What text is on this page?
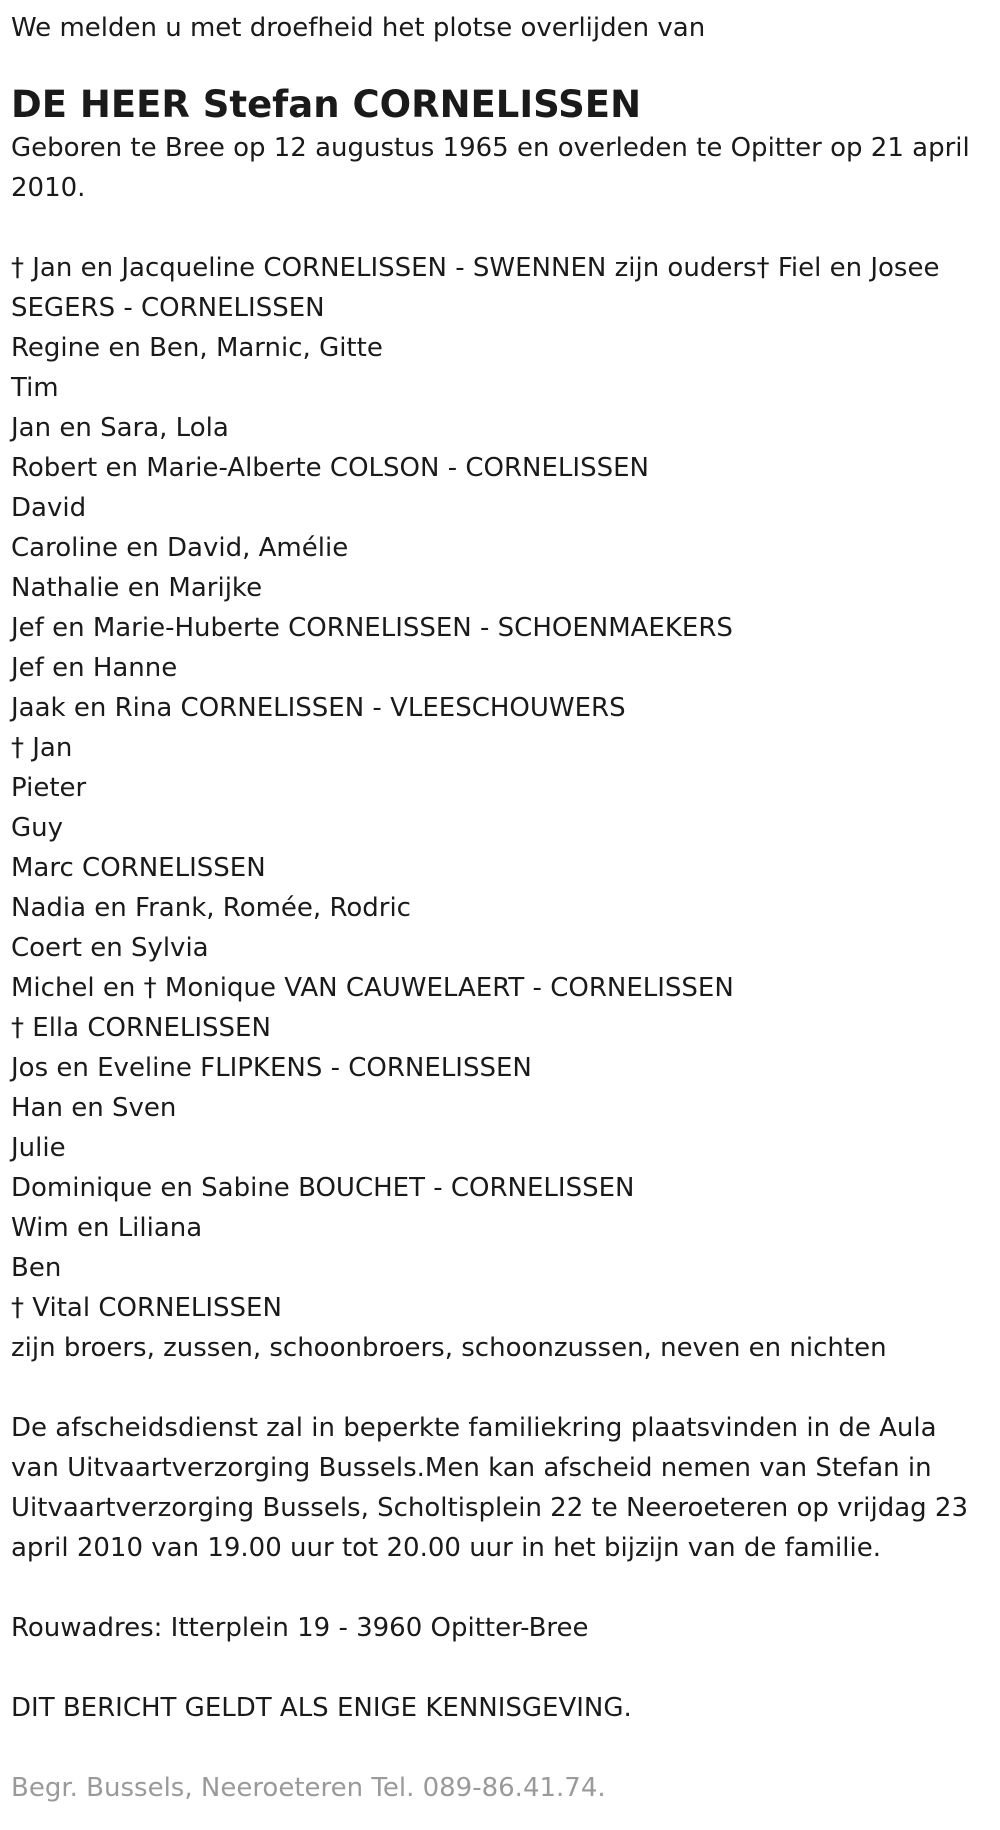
We melden u met droefheid het plotse overlijden van

DE HEER Stefan CORNELISSEN

Geboren te Bree op 12 augustus 1965 en overleden te Opitter op 21 april 2010.

† Jan en Jacqueline CORNELISSEN - SWENNEN zijn ouders† Fiel en Josee SEGERS - CORNELISSEN
Regine en Ben, Marnic, Gitte
Tim
Jan en Sara, Lola
Robert en Marie-Alberte COLSON - CORNELISSEN
David
Caroline en David, Amélie
Nathalie en Marijke
Jef en Marie-Huberte CORNELISSEN - SCHOENMAEKERS
Jef en Hanne
Jaak en Rina CORNELISSEN - VLEESCHOUWERS
† Jan
Pieter
Guy
Marc CORNELISSEN
Nadia en Frank, Romée, Rodric
Coert en Sylvia
Michel en † Monique VAN CAUWELAERT - CORNELISSEN
† Ella CORNELISSEN
Jos en Eveline FLIPKENS - CORNELISSEN
Han en Sven
Julie
Dominique en Sabine BOUCHET - CORNELISSEN
Wim en Liliana
Ben
† Vital CORNELISSEN
zijn broers, zussen, schoonbroers, schoonzussen, neven en nichten

De afscheidsdienst zal in beperkte familiekring plaatsvinden in de Aula van Uitvaartverzorging Bussels.Men kan afscheid nemen van Stefan in Uitvaartverzorging Bussels, Scholtisplein 22 te Neeroeteren op vrijdag 23 april 2010 van 19.00 uur tot 20.00 uur in het bijzijn van de familie.

Rouwadres: Itterplein 19 - 3960 Opitter-Bree

DIT BERICHT GELDT ALS ENIGE KENNISGEVING.

Begr. Bussels, Neeroeteren Tel. 089-86.41.74.
